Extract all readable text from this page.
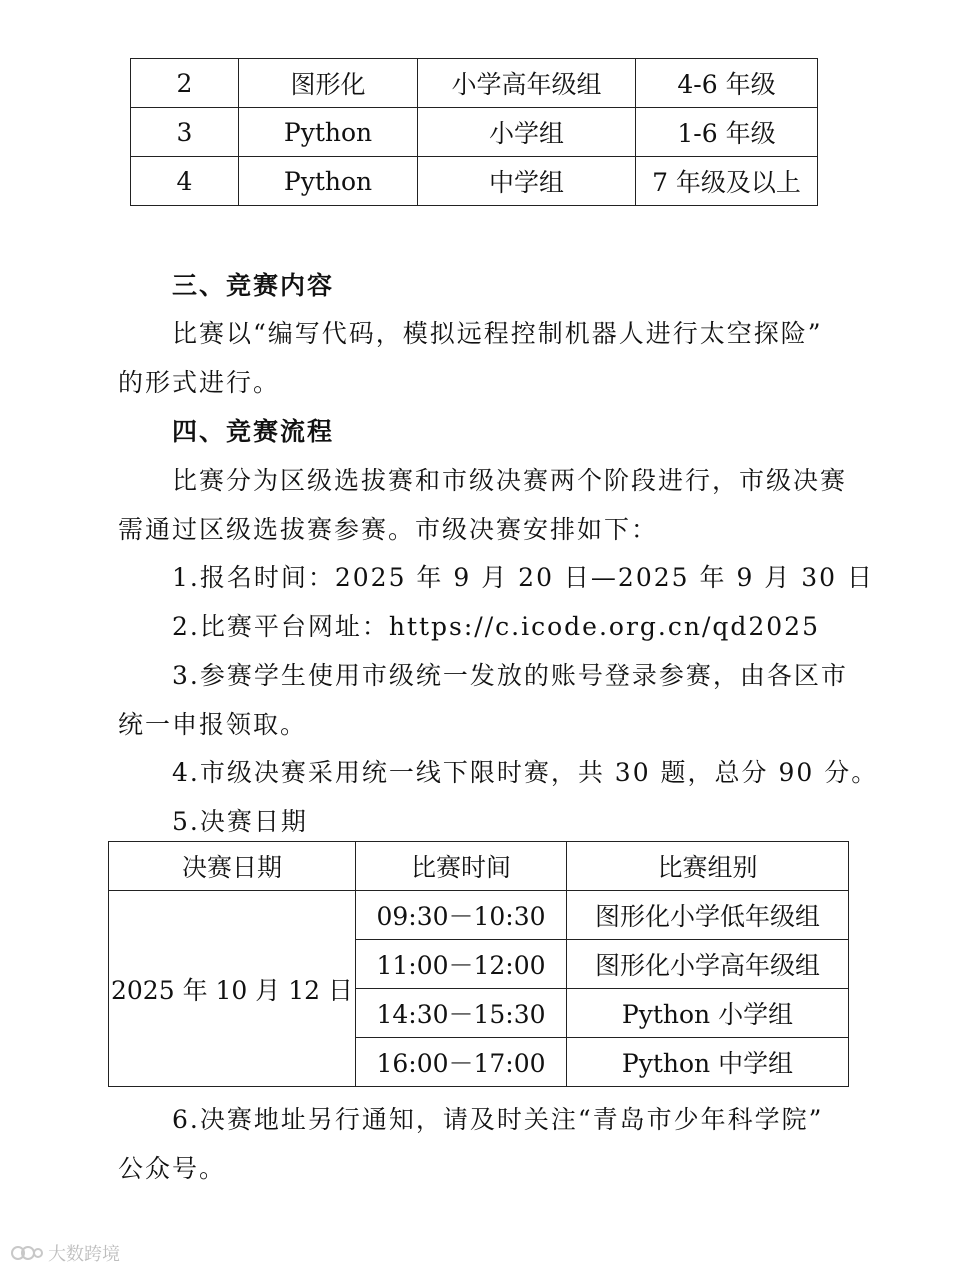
2	图形化	小学高年级组	4-6 年级
3	Python	小学组	1-6 年级
4	Python	中学组	7 年级及以上
三、竞赛内容
比赛以“编写代码，模拟远程控制机器人进行太空探险”
的形式进行。
四、竞赛流程
比赛分为区级选拔赛和市级决赛两个阶段进行，市级决赛
需通过区级选拔赛参赛。市级决赛安排如下：
1.报名时间：2025 年 9 月 20 日—2025 年 9 月 30 日
2.比赛平台网址：https://c.icode.org.cn/qd2025
3.参赛学生使用市级统一发放的账号登录参赛，由各区市
统一申报领取。
4.市级决赛采用统一线下限时赛，共 30 题，总分 90 分。
5.决赛日期
决赛日期	比赛时间	比赛组别
2025 年 10 月 12 日	09:30－10:30	图形化小学低年级组
	11:00－12:00	图形化小学高年级组
	14:30－15:30	Python 小学组
	16:00－17:00	Python 中学组
6.决赛地址另行通知，请及时关注“青岛市少年科学院”
公众号。
大数跨境
